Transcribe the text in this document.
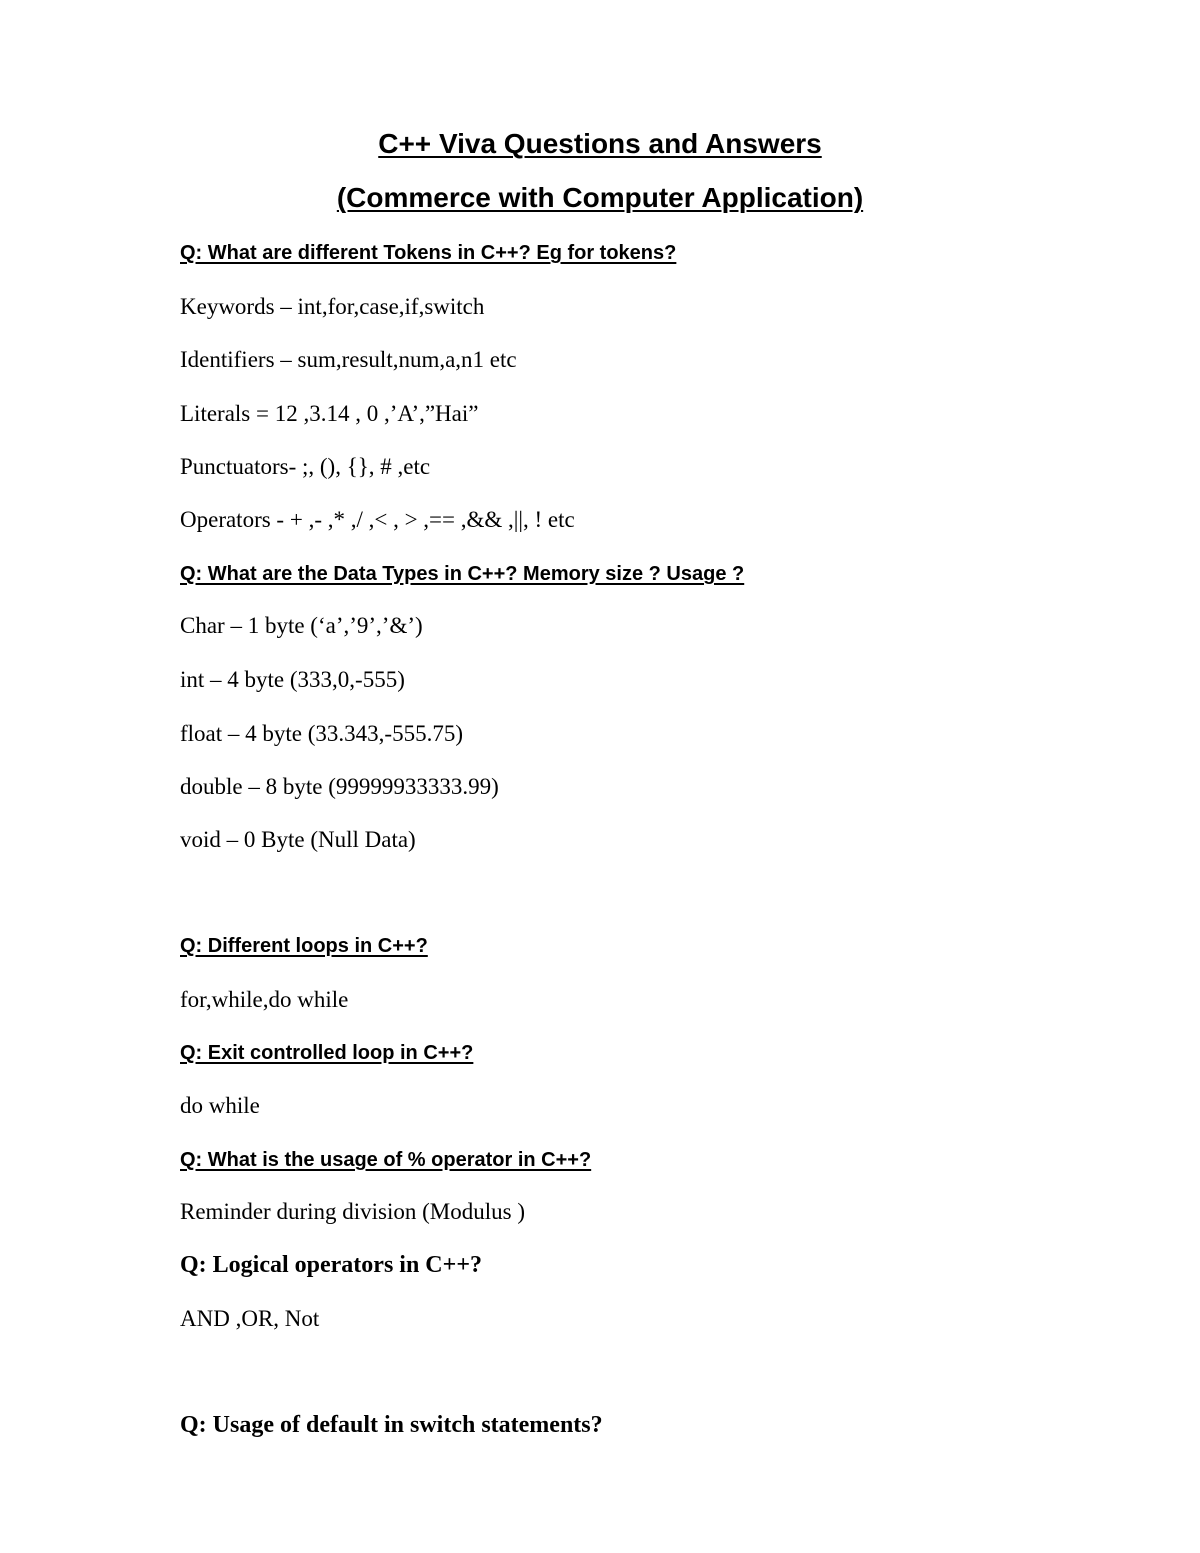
C++ Viva Questions and Answers
(Commerce with Computer Application)
Q: What are different Tokens in C++? Eg for tokens?
Keywords – int,for,case,if,switch
Identifiers – sum,result,num,a,n1 etc
Literals = 12 ,3.14 , 0 ,’A’,”Hai”
Punctuators- ;, (), {}, # ,etc
Operators - + ,- ,* ,/ ,< , > ,== ,&& ,||, ! etc
Q: What are the Data Types in C++? Memory size ? Usage ?
Char – 1 byte (‘a’,’9’,’&’)
int – 4 byte (333,0,-555)
float – 4 byte (33.343,-555.75)
double – 8 byte (99999933333.99)
void – 0 Byte (Null Data)
Q: Different loops in C++?
for,while,do while
Q: Exit controlled loop in C++?
do while
Q: What is the usage of % operator in C++?
Reminder during division (Modulus )
Q: Logical operators in C++?
AND ,OR, Not
Q: Usage of default in switch statements?
